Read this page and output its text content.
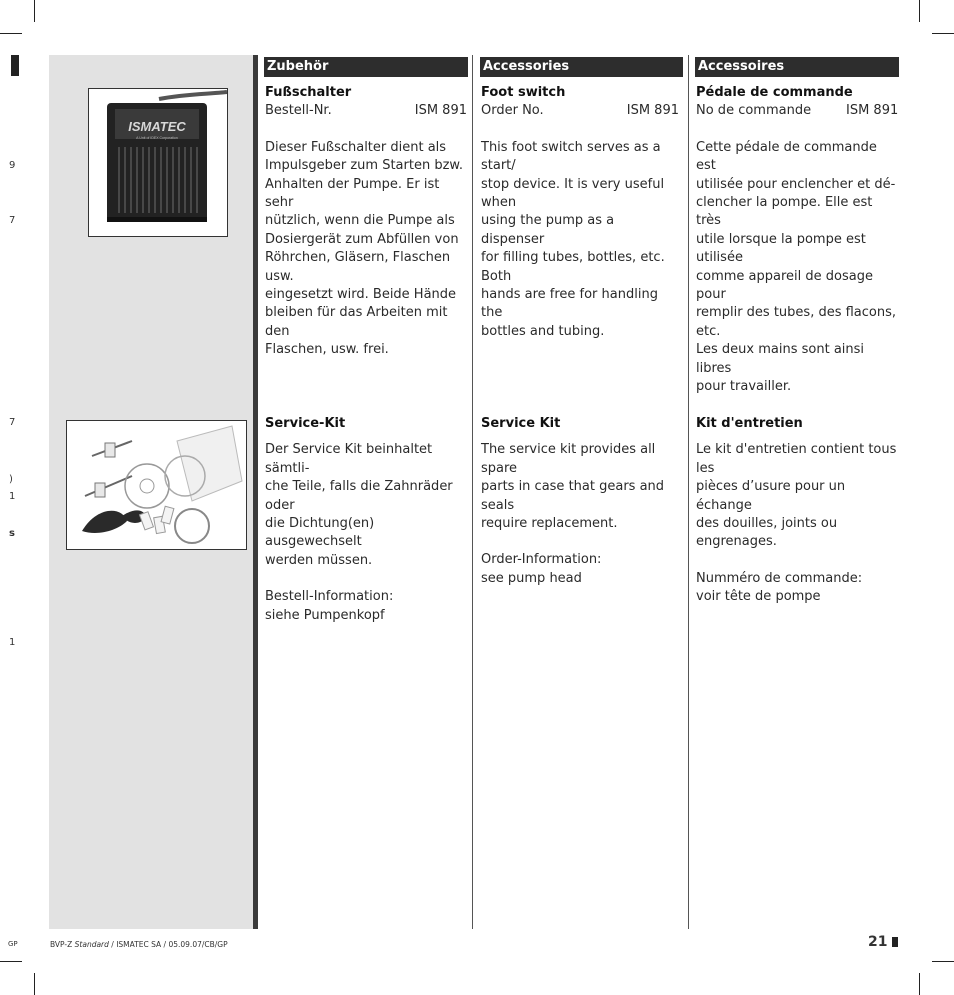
9
7
7
)
1
s
1
ISMATEC
A Unit of IDEX Corporation
Zubehör	Accessories	Accessoires
Fußschalter
Bestell-Nr.	ISM 891
Dieser Fußschalter dient als
Impulsgeber zum Starten bzw.
Anhalten der Pumpe. Er ist sehr
nützlich, wenn die Pumpe als
Dosiergerät zum Abfüllen von
Röhrchen, Gläsern, Flaschen usw.
eingesetzt wird. Beide Hände
bleiben für das Arbeiten mit den
Flaschen, usw. frei.
Foot switch
Order No.	ISM 891
This foot switch serves as a start/
stop device. It is very useful when
using the pump as a dispenser
for filling tubes, bottles, etc. Both
hands are free for handling the
bottles and tubing.
Pédale de commande
No de commande	ISM 891
Cette pédale de commande est
utilisée pour enclencher et dé-
clencher la pompe. Elle est très
utile lorsque la pompe est utilisée
comme appareil de dosage pour
remplir des tubes, des flacons, etc.
Les deux mains sont ainsi libres
pour travailler.
Service-Kit
Der Service Kit beinhaltet sämtli-
che Teile, falls die Zahnräder oder
die Dichtung(en) ausgewechselt
werden müssen.
Bestell-Information:
siehe Pumpenkopf
Service Kit
The service kit provides all spare
parts in case that gears and seals
require replacement.
Order-Information:
see pump head
Kit d'entretien
Le kit d'entretien contient tous les
pièces d’usure pour un échange
des douilles, joints ou engrenages.
Numméro de commande:
voir tête de pompe
GP	BVP-Z Standard / ISMATEC SA / 05.09.07/CB/GP	21
